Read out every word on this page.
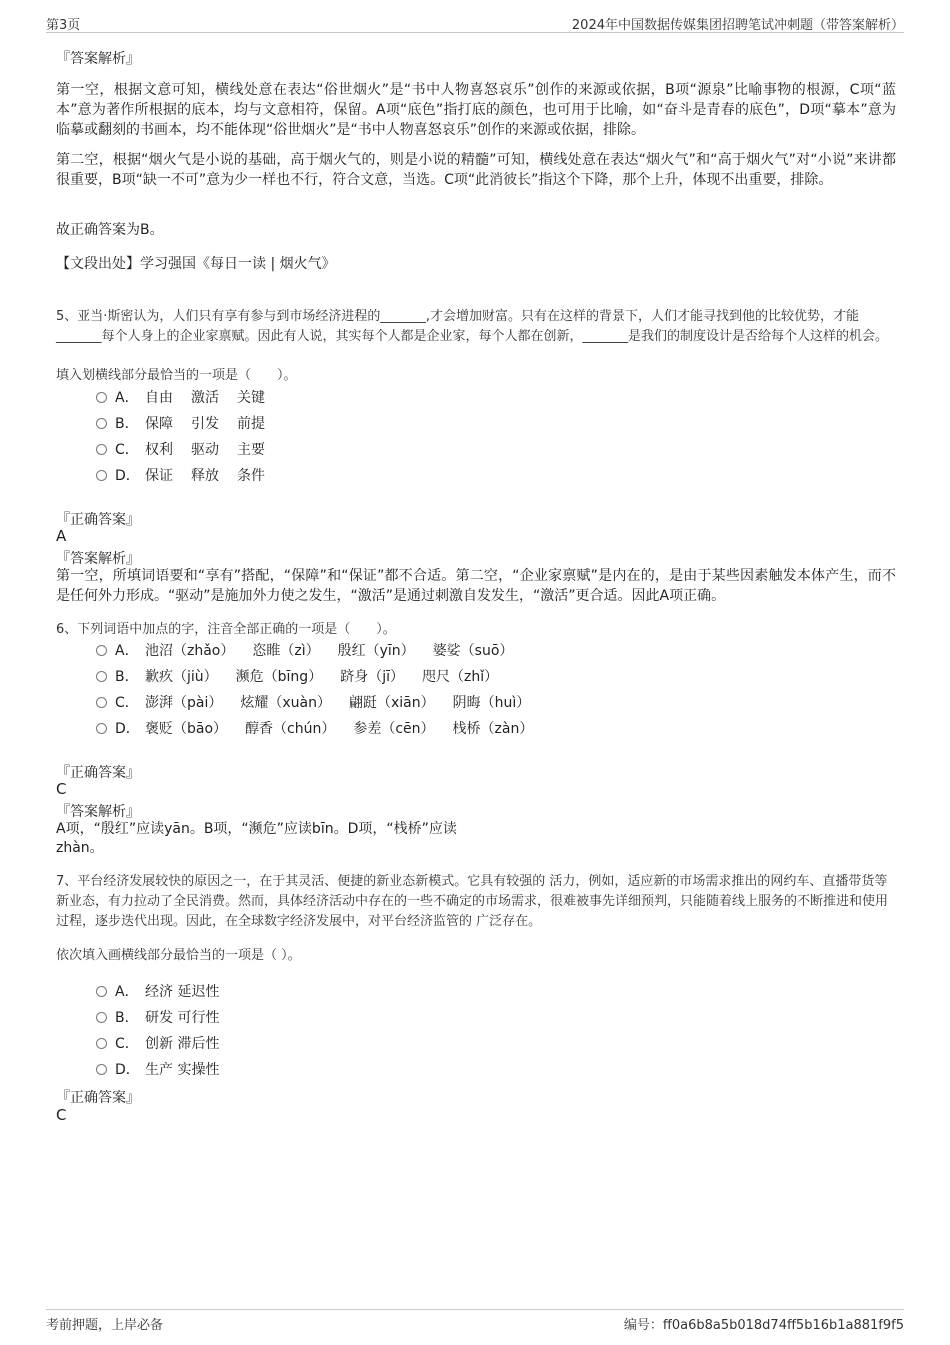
第3页	2024年中国数据传媒集团招聘笔试冲刺题（带答案解析）
『答案解析』
第一空，根据文意可知，横线处意在表达“俗世烟火”是“书中人物喜怒哀乐”创作的来源或依据，B项“源泉”比喻事物的根源，C项“蓝本”意为著作所根据的底本，均与文意相符，保留。A项“底色”指打底的颜色，也可用于比喻，如“奋斗是青春的底色”，D项“摹本”意为临摹或翻刻的书画本，均不能体现“俗世烟火”是“书中人物喜怒哀乐”创作的来源或依据，排除。
第二空，根据“烟火气是小说的基础，高于烟火气的，则是小说的精髓”可知，横线处意在表达“烟火气”和“高于烟火气”对“小说”来讲都很重要，B项“缺一不可”意为少一样也不行，符合文意，当选。C项“此消彼长”指这个下降，那个上升，体现不出重要，排除。
故正确答案为B。
【文段出处】学习强国《每日一读 | 烟火气》
5、亚当·斯密认为，人们只有享有参与到市场经济进程的_______,才会增加财富。只有在这样的背景下，人们才能寻找到他的比较优势，才能_______每个人身上的企业家禀赋。因此有人说，其实每个人都是企业家，每个人都在创新，_______是我们的制度设计是否给每个人这样的机会。
填入划横线部分最恰当的一项是（　　）。
A． 自由 激活 关键
B． 保障 引发 前提
C． 权利 驱动 主要
D． 保证 释放 条件
『正确答案』
A
『答案解析』
第一空，所填词语要和“享有”搭配，“保障”和“保证”都不合适。第二空，“企业家禀赋”是内在的，是由于某些因素触发本体产生，而不是任何外力形成。“驱动”是施加外力使之发生，“激活”是通过刺激自发发生，“激活”更合适。因此A项正确。
6、下列词语中加点的字，注音全部正确的一项是（　　）。
A． 池沼（zhǎo） 恣睢（zì） 殷红（yīn） 婆娑（suō）
B． 歉疚（jiù） 濒危（bīng） 跻身（jī） 咫尺（zhǐ）
C． 澎湃（pài） 炫耀（xuàn） 翩跹（xiān） 阴晦（huì）
D． 褒贬（bāo） 醇香（chún） 参差（cēn） 栈桥（zàn）
『正确答案』
C
『答案解析』
A项，“殷红”应读yān。B项，“濒危”应读bīn。D项，“栈桥”应读
zhàn。
7、平台经济发展较快的原因之一，在于其灵活、便捷的新业态新模式。它具有较强的 活力，例如，适应新的市场需求推出的网约车、直播带货等新业态，有力拉动了全民消费。然而，具体经济活动中存在的一些不确定的市场需求，很难被事先详细预判，只能随着线上服务的不断推进和使用过程，逐步迭代出现。因此，在全球数字经济发展中，对平台经济监管的 广泛存在。
依次填入画横线部分最恰当的一项是（ ）。
A． 经济 延迟性
B． 研发 可行性
C． 创新 滞后性
D． 生产 实操性
『正确答案』
C
考前押题，上岸必备	编号：ff0a6b8a5b018d74ff5b16b1a881f9f5
